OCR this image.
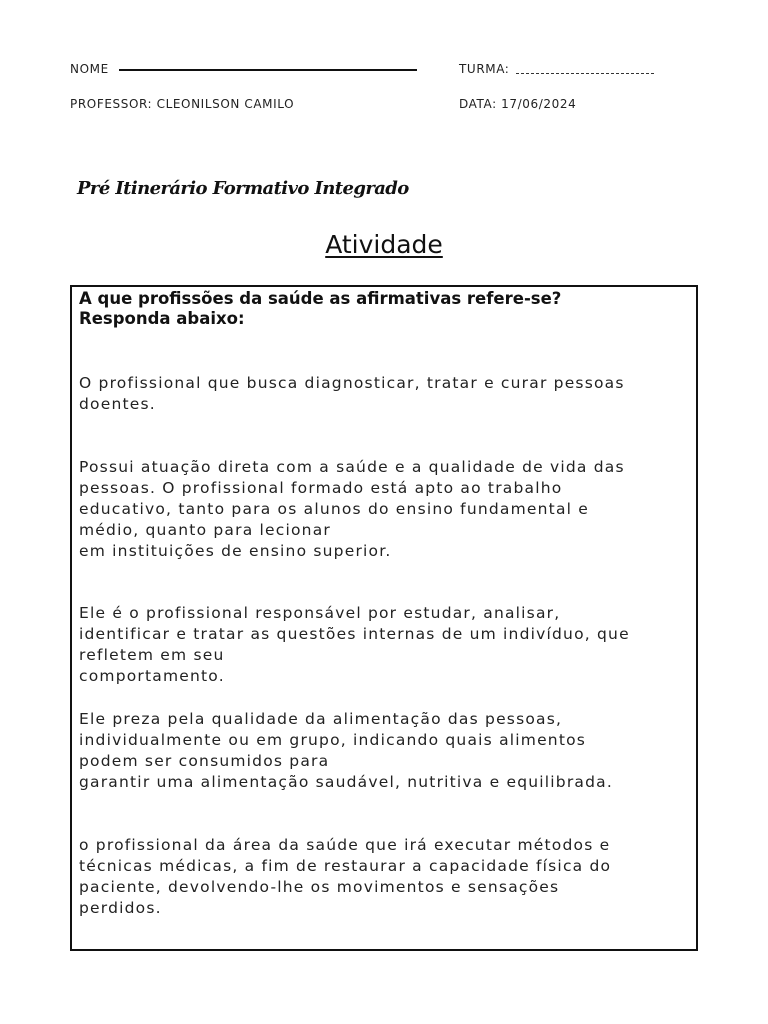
NOME	TURMA:
PROFESSOR: CLEONILSON CAMILO	DATA: 17/06/2024
Pré Itinerário Formativo Integrado
Atividade
A que profissões da saúde as afirmativas refere-se?
Responda abaixo:
O profissional que busca diagnosticar, tratar e curar pessoas
doentes.
Possui atuação direta com a saúde e a qualidade de vida das
pessoas. O profissional formado está apto ao trabalho
educativo, tanto para os alunos do ensino fundamental e
médio, quanto para lecionar
em instituições de ensino superior.
Ele é o profissional responsável por estudar, analisar,
identificar e tratar as questões internas de um indivíduo, que
refletem em seu
comportamento.
Ele preza pela qualidade da alimentação das pessoas,
individualmente ou em grupo, indicando quais alimentos
podem ser consumidos para
garantir uma alimentação saudável, nutritiva e equilibrada.
o profissional da área da saúde que irá executar métodos e
técnicas médicas, a fim de restaurar a capacidade física do
paciente, devolvendo-lhe os movimentos e sensações
perdidos.
